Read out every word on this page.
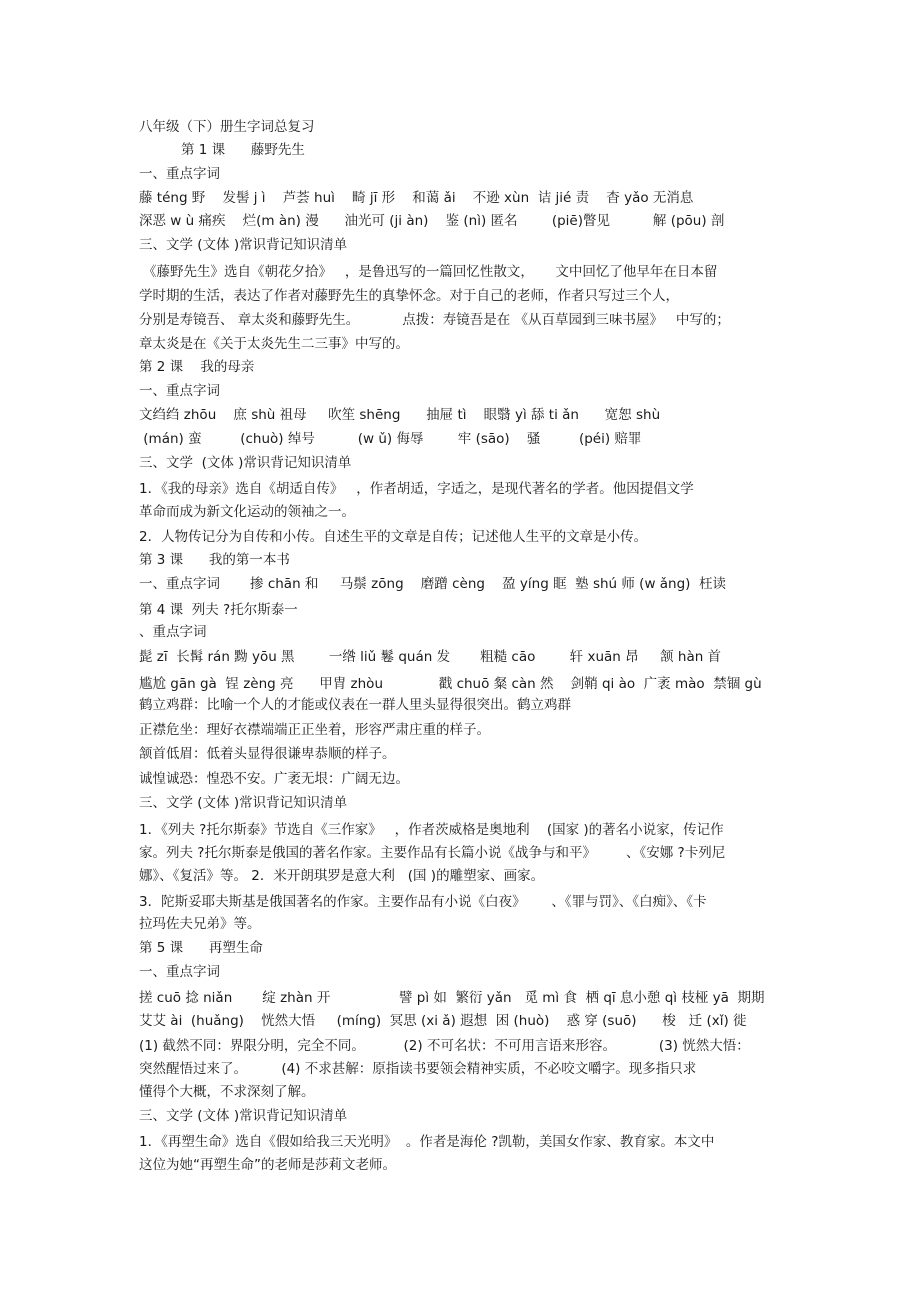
八年级（下）册生字词总复习
第 1 课      藤野先生
一、重点字词
藤 téng 野    发髻 j ì    芦荟 huì    畸 jī 形    和蔼 ǎi    不逊 xùn  诘 jié 责    杳 yǎo 无消息
深恶 w ù 痛疾    烂(m àn) 漫      油光可 (ji àn)    鉴 (nì) 匿名        (piē)瞥见          解 (pōu) 剖
三、文学 (文体 )常识背记知识清单
《藤野先生》选自《朝花夕拾》   ，是鲁迅写的一篇回忆性散文，     文中回忆了他早年在日本留
学时期的生活，表达了作者对藤野先生的真挚怀念。对于自己的老师，作者只写过三个人，
分别是寿镜吾、 章太炎和藤野先生。          点拨：寿镜吾是在 《从百草园到三味书屋》   中写的；
章太炎是在《关于太炎先生二三事》中写的。
第 2 课    我的母亲
一、重点字词
文绉绉 zhōu    庶 shù 祖母     吹笙 shēng      抽屉 tì    眼翳 yì 舔 ti ǎn      宽恕 shù
(mán) 蛮         (chuò) 绰号          (w ǔ) 侮辱        牢 (sāo)    骚         (péi) 赔罪
三、文学  (文体 )常识背记知识清单
1．《我的母亲》选自《胡适自传》   ，作者胡适，字适之，是现代著名的学者。他因提倡文学
革命而成为新文化运动的领袖之一。
2．人物传记分为自传和小传。自述生平的文章是自传；记述他人生平的文章是小传。
第 3 课      我的第一本书
一、重点字词       掺 chān 和     马鬃 zōng    磨蹭 cèng    盈 yíng 眶  塾 shú 师 (w ǎng)  枉读
第 4 课  列夫 ?托尔斯泰一
、重点字词
髭 zī  长髯 rán 黝 yōu 黑        一绺 liǔ 鬈 quán 发       粗糙 cāo        轩 xuān 昂     颔 hàn 首
尴尬 gān gà  锃 zèng 亮      甲胄 zhòu             戳 chuō 粲 càn 然    剑鞘 qi ào  广袤 mào  禁锢 gù
鹤立鸡群：比喻一个人的才能或仪表在一群人里头显得很突出。鹤立鸡群
正襟危坐：理好衣襟端端正正坐着，形容严肃庄重的样子。
颔首低眉：低着头显得很谦卑恭顺的样子。
诚惶诚恐：惶恐不安。广袤无垠：广阔无边。
三、文学 (文体 )常识背记知识清单
1．《列夫 ?托尔斯泰》节选自《三作家》   ，作者茨威格是奥地利    (国家 )的著名小说家，传记作
家。列夫 ?托尔斯泰是俄国的著名作家。主要作品有长篇小说《战争与和平》       、《安娜 ?卡列尼
娜》、《复活》等。 2．米开朗琪罗是意大利   (国 )的雕塑家、画家。
3．陀斯妥耶夫斯基是俄国著名的作家。主要作品有小说《白夜》      、《罪与罚》、《白痴》、《卡
拉玛佐夫兄弟》等。
第 5 课      再塑生命
一、重点字词
搓 cuō 捻 niǎn       绽 zhàn 开                譬 pì 如  繁衍 yǎn   觅 mì 食  栖 qī 息小憩 qì 枝桠 yā  期期
艾艾 ài  (huǎng)    恍然大悟     (míng)  冥思 (xi ǎ) 遐想  困 (huò)    惑 穿 (suō)      梭   迁 (xǐ) 徙
(1) 截然不同：界限分明，完全不同。         (2) 不可名状：不可用言语来形容。          (3) 恍然大悟：
突然醒悟过来了。        (4) 不求甚解：原指读书要领会精神实质，不必咬文嚼字。现多指只求
懂得个大概，不求深刻了解。
三、文学 (文体 )常识背记知识清单
1．《再塑生命》选自《假如给我三天光明》  。作者是海伦 ?凯勒，美国女作家、教育家。本文中
这位为她“再塑生命”的老师是莎莉文老师。
